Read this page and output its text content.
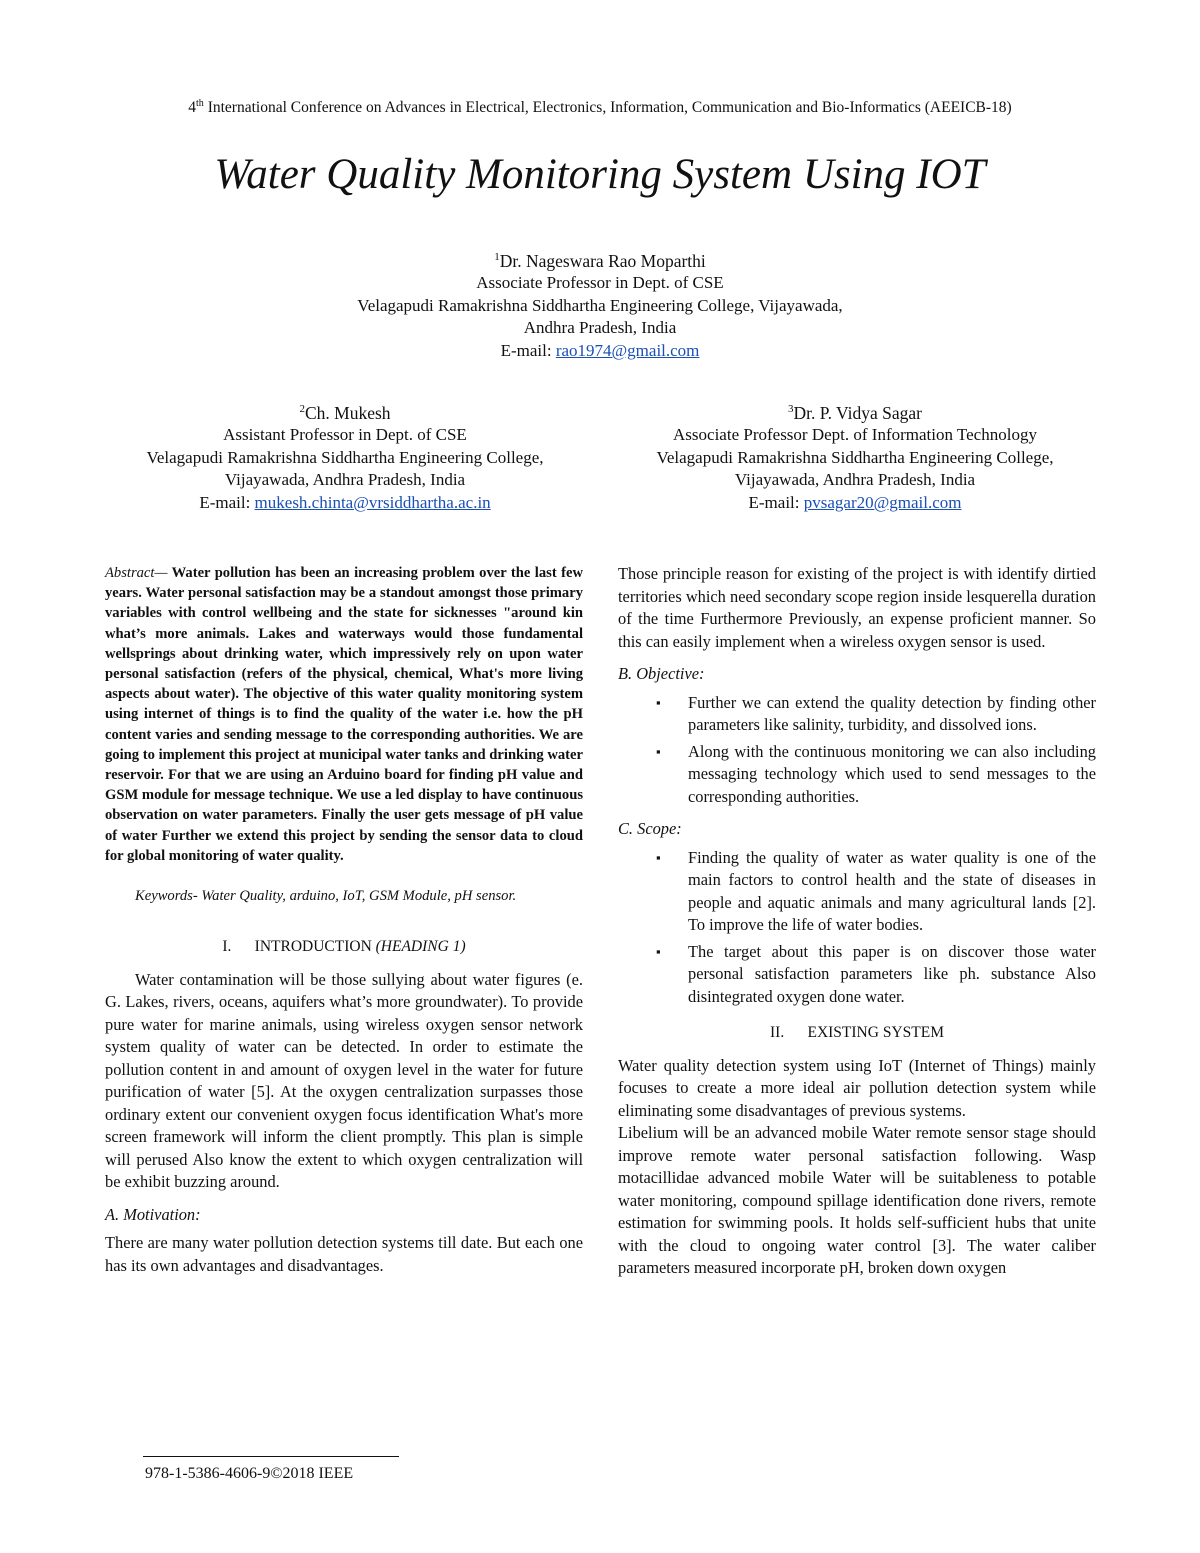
4th International Conference on Advances in Electrical, Electronics, Information, Communication and Bio-Informatics (AEEICB-18)
Water Quality Monitoring System Using IOT
$^1$Dr. Nageswara Rao Moparthi
Associate Professor in Dept. of CSE
Velagapudi Ramakrishna Siddhartha Engineering College, Vijayawada,
Andhra Pradesh, India
E-mail: rao1974@gmail.com
$^2$Ch. Mukesh
Assistant Professor in Dept. of CSE
Velagapudi Ramakrishna Siddhartha Engineering College,
Vijayawada, Andhra Pradesh, India
E-mail: mukesh.chinta@vrsiddhartha.ac.in
$^3$Dr. P. Vidya Sagar
Associate Professor Dept. of Information Technology
Velagapudi Ramakrishna Siddhartha Engineering College,
Vijayawada, Andhra Pradesh, India
E-mail: pvsagar20@gmail.com

Abstract— Water pollution has been an increasing problem over the last few years. Water personal satisfaction may be a standout amongst those primary variables with control wellbeing and the state for sicknesses "around kin what’s more animals. Lakes and waterways would those fundamental wellsprings about drinking water, which impressively rely on upon water personal satisfaction (refers of the physical, chemical, What's more living aspects about water). The objective of this water quality monitoring system using internet of things is to find the quality of the water i.e. how the pH content varies and sending message to the corresponding authorities. We are going to implement this project at municipal water tanks and drinking water reservoir. For that we are using an Arduino board for finding pH value and GSM module for message technique. We use a led display to have continuous observation on water parameters. Finally the user gets message of pH value of water Further we extend this project by sending the sensor data to cloud for global monitoring of water quality.

Keywords- Water Quality, arduino, IoT, GSM Module, pH sensor.

I. INTRODUCTION (HEADING 1)

Water contamination will be those sullying about water figures (e. G. Lakes, rivers, oceans, aquifers what’s more groundwater). To provide pure water for marine animals, using wireless oxygen sensor network system quality of water can be detected. In order to estimate the pollution content in and amount of oxygen level in the water for future purification of water [5]. At the oxygen centralization surpasses those ordinary extent our convenient oxygen focus identification What's more screen framework will inform the client promptly. This plan is simple will perused Also know the extent to which oxygen centralization will be exhibit buzzing around.

A. Motivation:

There are many water pollution detection systems till date. But each one has its own advantages and disadvantages.

Those principle reason for existing of the project is with identify dirtied territories which need secondary scope region inside lesquerella duration of the time Furthermore Previously, an expense proficient manner. So this can easily implement when a wireless oxygen sensor is used.

B. Objective:
▪ Further we can extend the quality detection by finding other parameters like salinity, turbidity, and dissolved ions.
▪ Along with the continuous monitoring we can also including messaging technology which used to send messages to the corresponding authorities.
C. Scope:
▪ Finding the quality of water as water quality is one of the main factors to control health and the state of diseases in people and aquatic animals and many agricultural lands [2]. To improve the life of water bodies.
▪ The target about this paper is on discover those water personal satisfaction parameters like ph. substance Also disintegrated oxygen done water.
II. EXISTING SYSTEM

Water quality detection system using IoT (Internet of Things) mainly focuses to create a more ideal air pollution detection system while eliminating some disadvantages of previous systems.

Libelium will be an advanced mobile Water remote sensor stage should improve remote water personal satisfaction following. Wasp motacillidae advanced mobile Water will be suitableness to potable water monitoring, compound spillage identification done rivers, remote estimation for swimming pools. It holds self-sufficient hubs that unite with the cloud to ongoing water control [3]. The water caliber parameters measured incorporate pH, broken down oxygen

978-1-5386-4606-9©2018 IEEE
